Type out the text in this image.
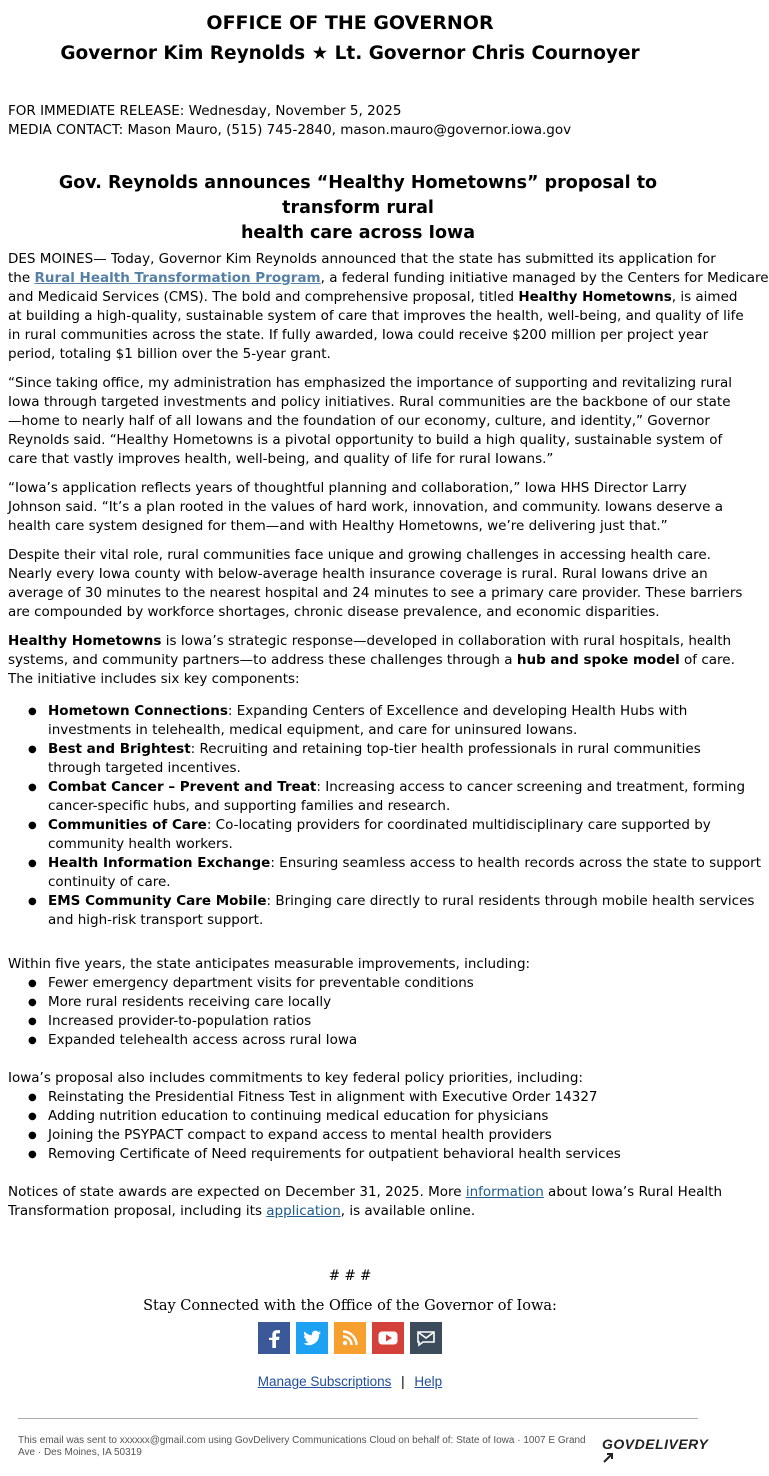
OFFICE OF THE GOVERNOR
Governor Kim Reynolds ★ Lt. Governor Chris Cournoyer
FOR IMMEDIATE RELEASE: Wednesday, November 5, 2025
MEDIA CONTACT: Mason Mauro, (515) 745-2840, mason.mauro@governor.iowa.gov
Gov. Reynolds announces “Healthy Hometowns” proposal to transform rural
health care across Iowa

DES MOINES— Today, Governor Kim Reynolds announced that the state has submitted its application for

the Rural Health Transformation Program, a federal funding initiative managed by the Centers for Medicare

and Medicaid Services (CMS). The bold and comprehensive proposal, titled Healthy Hometowns, is aimed

at building a high-quality, sustainable system of care that improves the health, well-being, and quality of life

in rural communities across the state. If fully awarded, Iowa could receive $200 million per project year

period, totaling $1 billion over the 5-year grant.

“Since taking office, my administration has emphasized the importance of supporting and revitalizing rural

Iowa through targeted investments and policy initiatives. Rural communities are the backbone of our state

—home to nearly half of all Iowans and the foundation of our economy, culture, and identity,” Governor

Reynolds said. “Healthy Hometowns is a pivotal opportunity to build a high quality, sustainable system of

care that vastly improves health, well-being, and quality of life for rural Iowans.”

“Iowa’s application reflects years of thoughtful planning and collaboration,” Iowa HHS Director Larry

Johnson said. “It’s a plan rooted in the values of hard work, innovation, and community. Iowans deserve a

health care system designed for them—and with Healthy Hometowns, we’re delivering just that.”

Despite their vital role, rural communities face unique and growing challenges in accessing health care.

Nearly every Iowa county with below-average health insurance coverage is rural. Rural Iowans drive an

average of 30 minutes to the nearest hospital and 24 minutes to see a primary care provider. These barriers

are compounded by workforce shortages, chronic disease prevalence, and economic disparities.

Healthy Hometowns is Iowa’s strategic response—developed in collaboration with rural hospitals, health

systems, and community partners—to address these challenges through a hub and spoke model of care.

The initiative includes six key components:

● Hometown Connections: Expanding Centers of Excellence and developing Health Hubs with
investments in telehealth, medical equipment, and care for uninsured Iowans.
● Best and Brightest: Recruiting and retaining top-tier health professionals in rural communities
through targeted incentives.
● Combat Cancer – Prevent and Treat: Increasing access to cancer screening and treatment, forming
cancer-specific hubs, and supporting families and research.
● Communities of Care: Co-locating providers for coordinated multidisciplinary care supported by
community health workers.
● Health Information Exchange: Ensuring seamless access to health records across the state to support
continuity of care.
● EMS Community Care Mobile: Bringing care directly to rural residents through mobile health services
and high-risk transport support.

Within five years, the state anticipates measurable improvements, including:

● Fewer emergency department visits for preventable conditions
● More rural residents receiving care locally
● Increased provider-to-population ratios
● Expanded telehealth access across rural Iowa

Iowa’s proposal also includes commitments to key federal policy priorities, including:

● Reinstating the Presidential Fitness Test in alignment with Executive Order 14327
● Adding nutrition education to continuing medical education for physicians
● Joining the PSYPACT compact to expand access to mental health providers
● Removing Certificate of Need requirements for outpatient behavioral health services

Notices of state awards are expected on December 31, 2025. More information about Iowa’s Rural Health

Transformation proposal, including its application, is available online.

# # #
Stay Connected with the Office of the Governor of Iowa:
Manage Subscriptions | Help
This email was sent to xxxxxx@gmail.com using GovDelivery Communications Cloud on behalf of: State of Iowa · 1007 E Grand Ave · Des Moines, IA 50319
GOVDELIVERY
